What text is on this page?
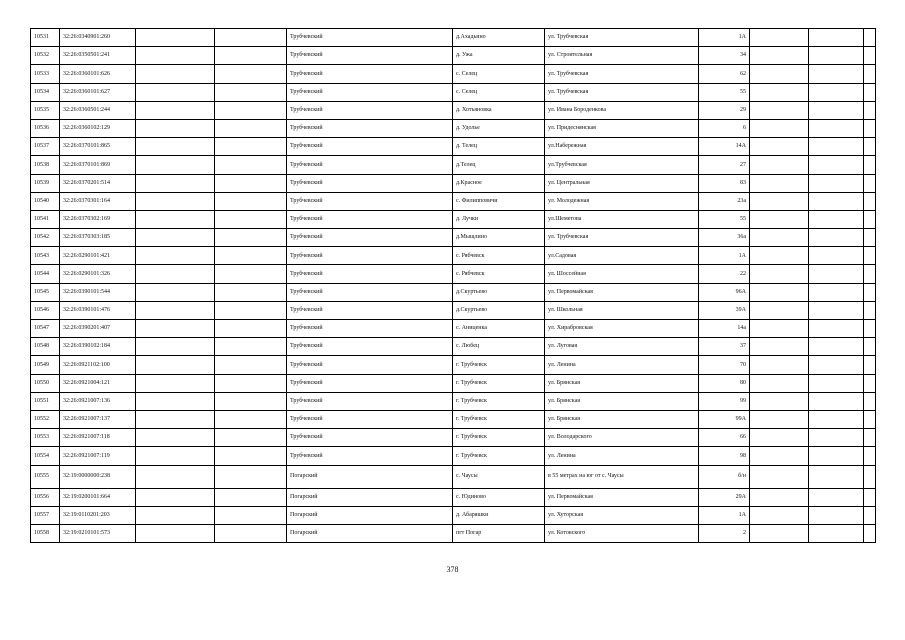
10531	32:26:0340901:260			Трубчевский	д.Ахадьино	ул. Трубчевская	1А			
10532	32:26:0350501:241			Трубчевский	д. Ужа	ул. Строительная	34			
10533	32:26:0360101:626			Трубчевский	с. Селец	ул. Трубчевская	62			
10534	32:26:0360101:627			Трубчевский	с. Селец	ул. Трубчевская	55			
10535	32:26:0360501:244			Трубчевский	д. Хотьяновка	ул. Ивана Бороденкова	29			
10536	32:26:0360102:129			Трубчевский	д. Удолье	ул. Придеснянская	6			
10537	32:26:0370101:865			Трубчевский	д. Телец	ул.Набережная	14А			
10538	32:26:0370101:869			Трубчевский	д.Телец	ул.Трубчевская	27			
10539	32:26:0370201:514			Трубчевский	д.Красное	ул. Центральная	83			
10540	32:26:0370301:164			Трубчевский	с. Филипповичи	ул. Молодежная	23а			
10541	32:26:0370302:169			Трубчевский	д. Лучки	ул.Шеметова	55			
10542	32:26:0370303:185			Трубчевский	д.Мыщлино	ул. Трубчевская	36а			
10543	32:26:0290101:421			Трубчевский	с. Рябчевск	ул.Садовая	1А			
10544	32:26:0290101:326			Трубчевский	с. Рябчевск	ул. Шоссейная	22			
10545	32:26:0390101:544			Трубчевский	д.Скуртьево	ул. Первомайская	96А			
10546	32:26:0390101:476			Трубчевский	д.Скуртьево	ул. Школьная	39А			
10547	32:26:0390201:407			Трубчевский	с. Аниценка	ул. Хирабровская	14а			
10548	32:26:0390102:184			Трубчевский	с. Любец	ул. Луговая	37			
10549	32:26:0921102:100			Трубчевский	г. Трубчевск	ул. Ленина	70			
10550	32:26:0921004:121			Трубчевский	г. Трубчевск	ул. Брянская	80			
10551	32:26:0921007:136			Трубчевский	г. Трубчевск	ул. Брянская	99			
10552	32:26:0921007:137			Трубчевский	г. Трубчевск	ул. Брянская	99А			
10553	32:26:0921007:118			Трубчевский	г. Трубчевск	ул. Володарского	66			
10554	32:26:0921007:119			Трубчевский	г. Трубчевск	ул. Ленина	98			
10555	32:19:0000000:238			Погарский	с. Чаусы	в 55 метрах на юг от с. Чаусы	б/н			
10556	32:19:0200101:664			Погарский	с. Юдиново	ул. Первомайская	29А			
10557	32:19:0110201:203			Погарский	д. Абаряшки	ул. Хуторская	1А			
10558	32:19:0210101:573			Погарский	пгт Погар	ул. Котовского	2			
378
